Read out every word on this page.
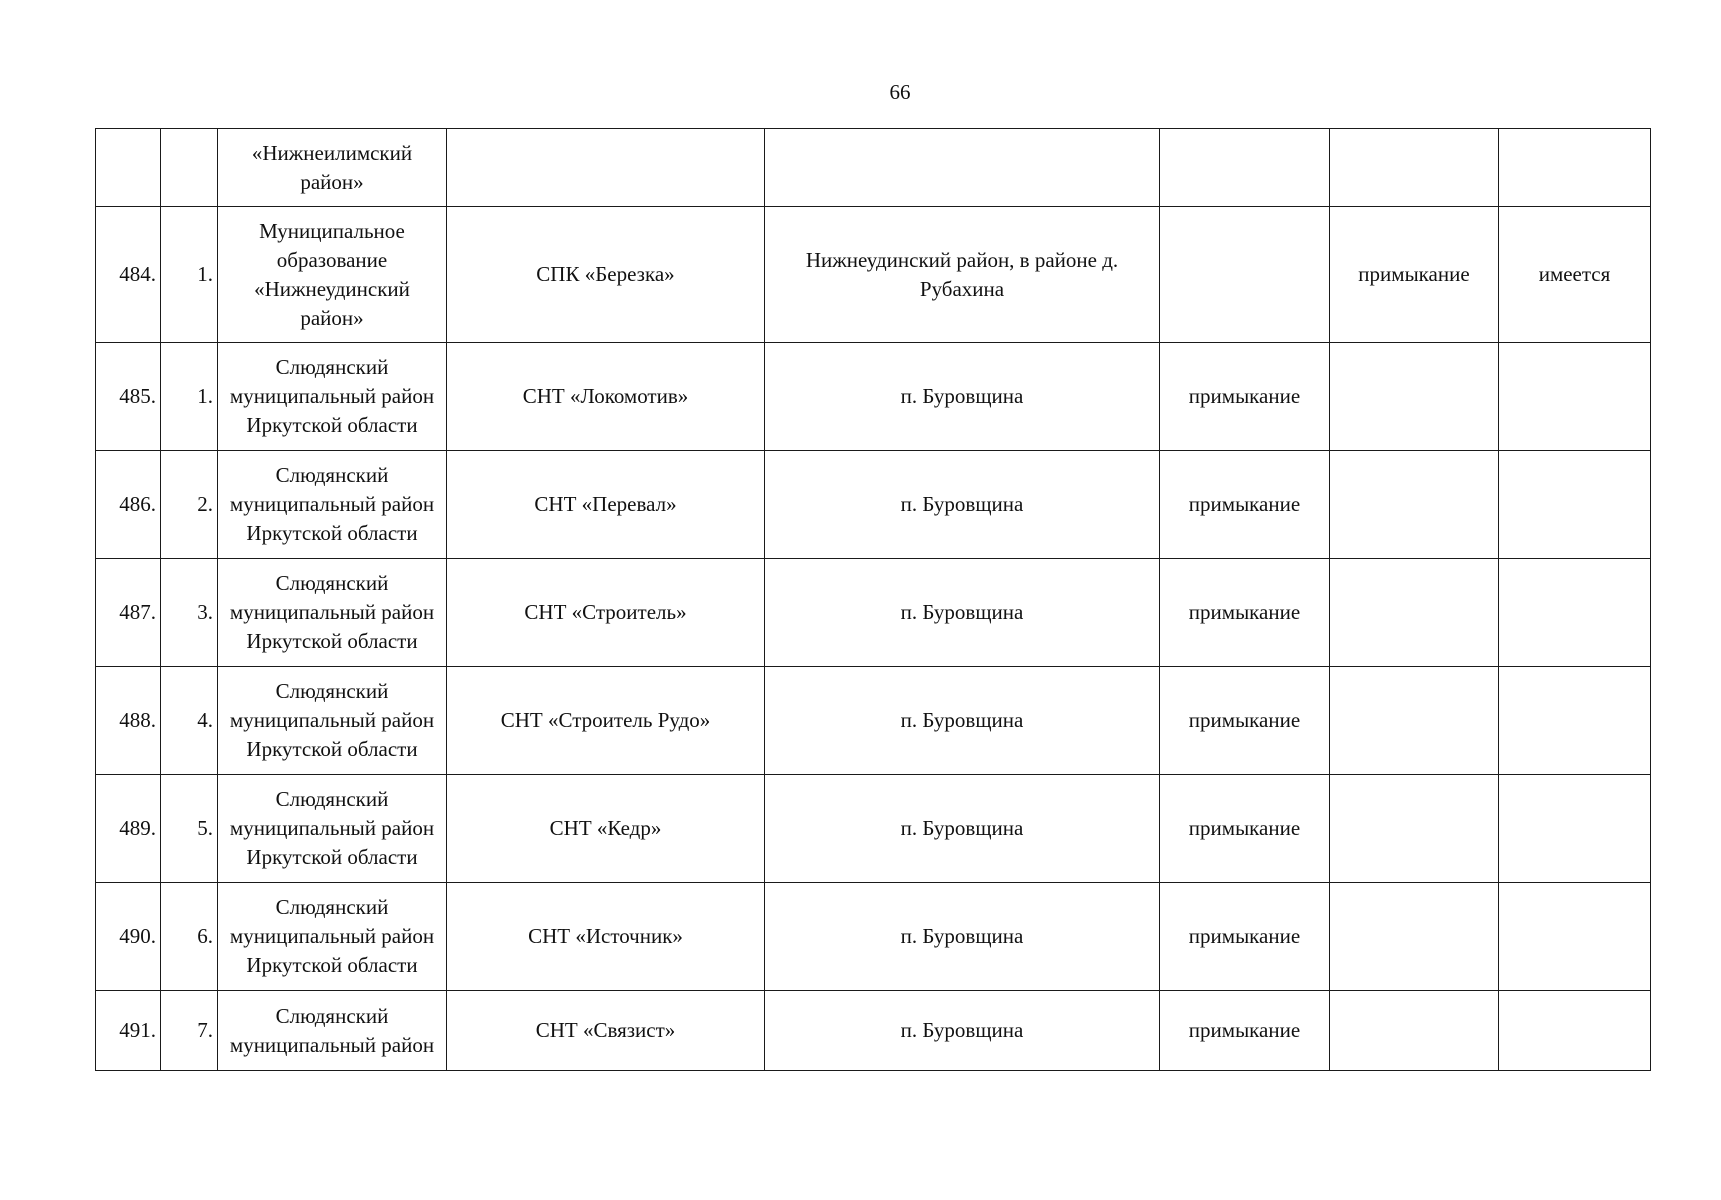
66

		«Нижнеилимский
район»					

484.	1.	Муниципальное
образование
«Нижнеудинский
район»	СПК «Березка»	Нижнеудинский район, в районе д.
Рубахина		примыкание	имеется
485.	1.	Слюдянский
муниципальный район
Иркутской области	СНТ «Локомотив»	п. Буровщина	примыкание		
486.	2.	Слюдянский
муниципальный район
Иркутской области	СНТ «Перевал»	п. Буровщина	примыкание		
487.	3.	Слюдянский
муниципальный район
Иркутской области	СНТ «Строитель»	п. Буровщина	примыкание		
488.	4.	Слюдянский
муниципальный район
Иркутской области	СНТ «Строитель Рудо»	п. Буровщина	примыкание		
489.	5.	Слюдянский
муниципальный район
Иркутской области	СНТ «Кедр»	п. Буровщина	примыкание		
490.	6.	Слюдянский
муниципальный район
Иркутской области	СНТ «Источник»	п. Буровщина	примыкание		
491.	7.	Слюдянский
муниципальный район	СНТ «Связист»	п. Буровщина	примыкание		
